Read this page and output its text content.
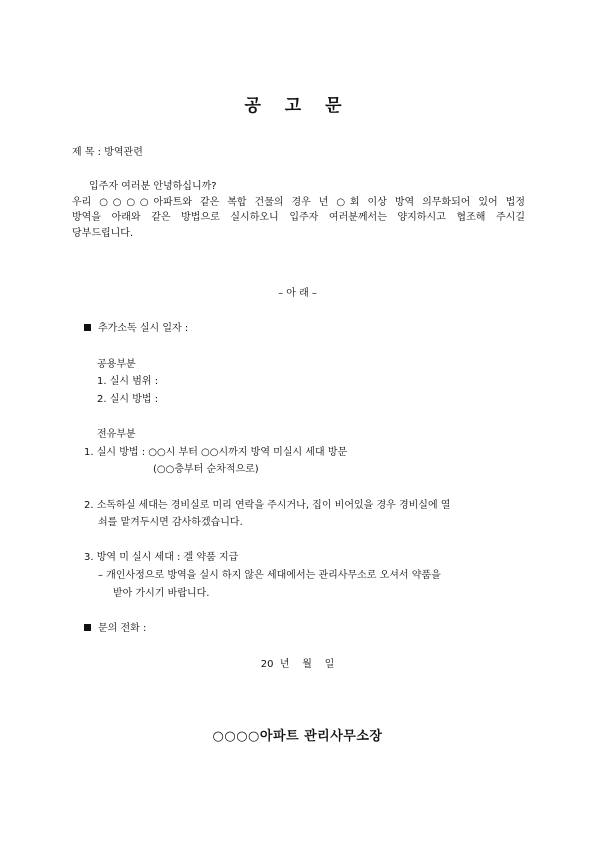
공 고 문
제 목 : 방역관련
입주자 여러분 안녕하십니까?
우리 ○○○○아파트와 같은 복합 건물의 경우 년 ○회 이상 방역 의무화되어 있어 법정
방역을 아래와 같은 방법으로 실시하오니 입주자 여러분께서는 양지하시고 협조해 주시길
당부드립니다.
– 아 래 –
추가소독 실시 일자 :
공용부분
1. 실시 범위 :
2. 실시 방법 :
전유부분
1. 실시 방법 : ○○시 부터 ○○시까지 방역 미실시 세대 방문
(○○층부터 순차적으로)
2. 소독하실 세대는 경비실로 미리 연락을 주시거나, 집이 비어있을 경우 경비실에 열
쇠를 맡겨두시면 감사하겠습니다.
3. 방역 미 실시 세대 : 겔 약품 지급
– 개인사정으로 방역을 실시 하지 않은 세대에서는 관리사무소로 오셔서 약품을
받아 가시기 바랍니다.
문의 전화 :
20  년    월    일
○○○○아파트 관리사무소장
